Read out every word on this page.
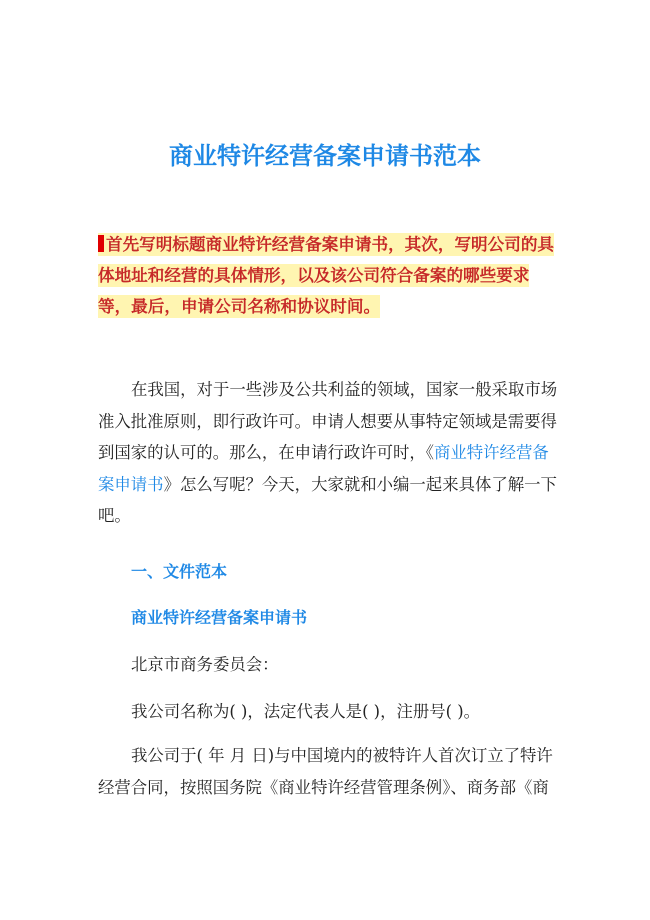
商业特许经营备案申请书范本

首先写明标题商业特许经营备案申请书，其次，写明公司的具体地址和经营的具体情形，以及该公司符合备案的哪些要求等，最后，申请公司名称和协议时间。

在我国，对于一些涉及公共利益的领域，国家一般采取市场准入批准原则，即行政许可。申请人想要从事特定领域是需要得到国家的认可的。那么，在申请行政许可时，《商业特许经营备案申请书》怎么写呢？今天，大家就和小编一起来具体了解一下吧。

一、文件范本
商业特许经营备案申请书

北京市商务委员会：

我公司名称为( )，法定代表人是( )，注册号( )。

我公司于( 年 月 日)与中国境内的被特许人首次订立了特许经营合同，按照国务院《商业特许经营管理条例》、商务部《商
